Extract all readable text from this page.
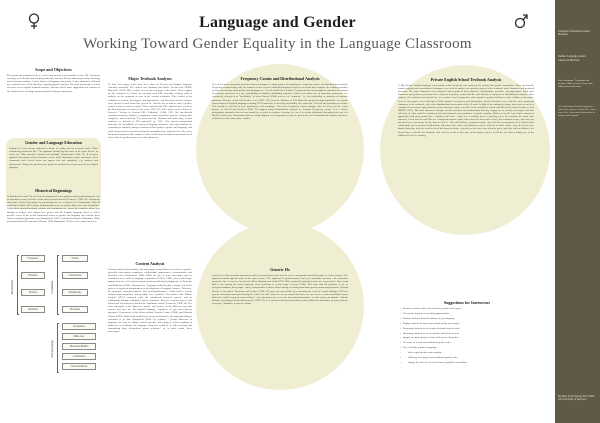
Language and Gender
Working Toward Gender Equality in the Language Classroom
Scope and Objectives

This poster presentation looks to review and provide representation to the ESL classroom focusing on textbooks and teaching materials, but also briefly addressing teacher ideology and classroom conduct. A brief history of language and gender is first addressed, followed by a critical review of the literature regarding gender analysis. The final portion gives a brief overview of an original textbook analysis, and then offers some suggestions for teachers in the classroom for creating a gender-neutral learning environment.

Gender and Language Education

English as it has always indicated a frame of reality and its research world. When considering statements like "The applicant should sign his name in the space below" as sexist yet, "Man should be fruitful and multiply" (Sunderland, 1994: 17). It becomes apparent that gender-related inclusion can be made inadequate and/or inaccurate. Even commonly used lexical items can appear fair and unmarked, e.g. mistress and chairwoman. Bring into question how gender is and has been represented in the English language.

Historical Beginnings

In Britain in the mid-'70s, the first investigations (as has implemented) problemizing the 'use of masculine terms to denote a wide array of professionals' (Cameron, 1998: 20). Around the same time, Emily Tisot began by questioning the use of 'generic' he (Sunderland, 1994: 8) and Robin Lakoff (1975) began analyzing discourse for gender differences and inequalities. Today these ground-breaking scholars and institutions are joined by countless others who attempt to analyze and explain how gender and the English language affect or reflect people's views of the world. Influential works on gender and language also include those from sociological grammar texts (Sunderland, 1981), feminist dictionaries (Maitland, 1984), and mainstream ESL materials (Florent, 1994; Hartmandl, 1974) et al.) to name but a few.

Invisibility
Frequency
Firstness
Pictures
Omission
Grammar
Nouns
Collocations
Morphology
Pronouns
Stereotyping
Occupation
Mind-over
Discourse/Beliefs
Constrained
Character/Roles
Major Textbook Analyses

To date, two major works have been done on Korean and English language education materials. The earliest was Hartman and Judd's "Sexism and TESOL Materials" (1978: 381), in their view on the first page of the article. These suggest (a) the inclusion of women in currently used ESL materials, starting with an analysis on the portrayal of men in the content textbooks. They looked at the visibility of women, stereotypes, and appearances, and then proceeded to analyze more specific lexical items like generic he, and the use of man as both a gender-neutral reference and as a suffix. They conclude that 'ESL students have found to the bias portrayal of women in the texts' (381). The other major work is Karen L. Porreca's "Sexism in Current ESL Textbooks" (1984: 705). She specifically examined omission, firstness, occupations, nouns, masculine generics, among other categories, and found that "For years after the Hartman and Judd study, sexism continues to flourish in ESL materials" (p. 718). "[I]n current instructional materials, the 'invisibility' of women in language structures, and representation are continuing to critically analyze textbooks with regards to gender and language, and while many aspects of sexism and gender inequality have improved over the years, the gendered patterns (like firstness - there is still room for improvement and a need to be made for gender awareness in the classroom.

Content Analysis

Content analysis deals mainly with stereotypes of and differences between genders, generally concerning occupations, relationships, appearances, characteristics, and discourse roles (Sunderland, 1994). While the role of some stereotypes may be considered to be valid in language acquisition (O'Neill, 1984), most would argue against their use, as in texts for gender-uniform and biased judgments. As Pavlenko and Mandelson (2006: 18) point out, "language textbooks play a unique role in the process of gendered interpretation or development of language learners. Therefore, the portrayal, misrepresentation, and oversimplification... could lead to serious cultural misconceptions, and possibly even conflicts." Researchers like Rifkin-Lackoff (1975) examined what she considered 'women's speech', and its relationship through established power structures. But not everyone agrees with Lakoff and what has been labeled the 'dominance model' (Cameron, 1998: 34). The other alternative is the 'difference model', and focuses on the different ways that women and men use the English language, regardless of any power/system structures. Proponents of this theory include Jennifer Coates (1986) and Deborah Tannen (1991). While both models have merits and demerits, the important thing to remember is, as Jane Sunderland (1994: 31) explains, "...gender difference in language use may be highly context specific, but trying to reflect findings of difference in textbooks for language classroom would be to risk recycling and reproducing those hierarchical power relations," or, in other words, those stereotypes.

Frequency Counts and Distributional Analysis

Two of the most commonly used procedures techniques to study gender stereotyping are frequency counts, and distributional analysis. Frequency counts simply tally the number of two or more individual linguistic items in a text and then compare the resulting numbers to draw conclusions about gender and language use. Cowell and Keuben (2004: 77) point out that 'when might be harmless in isolation can become pernicious via, say, contributing to habitual, unthinking responses' (such as pervasive use of masculine pronouns). It is extensively referred to as "invisibility" or what Porreca (1984) refers to as "omission," i.e., the invisibility or omission of feminine pronouns. Because of this fill Prentice et al. (1990: 131) from the Ministry of ESL Materials group developed guidelines for gender representation in English language teaching (ELT) materials. Concerning invisibility, they state that "text half the population is female. This should be reflected in text, illustrations, and teachings." How does Frequency counts, though, often do not reveal the whole picture, as Cowell and Keuben (1994: 79) suggest using Distributional analysis or "tempest Frequency counts." It is a linear, pedagogical principles that an item should be recycled to reinforce learning. So, ifor it is evenly distributed throughout the text it is likely to reach more information than one which appears very frequently in only one part of the text.' Distributional analysis, therefore, is about how often times these entities.

Generic He

Generic he is the masculine pronoun he and its various forms when used to refer to non-gender-specified people, as in the sentence 'The applicant should sign his name in the space below.' 'The applicant' is gender-neutral, and yet a masculine pronoun - the masculine possessive his - is used as its referent. When Hartman and Judd (1978: 386) examined textbooks for the use of generic he, they found that it was 'among the most frequently noted problems of sexist usage.' Porreca (1984: 706) notes that the problem is one of overgeneralization, that 'people - rarely conceptualize females when hearing or reading masculine generic nouns and pronouns.' Edward Woods, in her article 'Pronouns and Gender' (1994: 22), goes one step further by contrasting the work of Joseph Bolinger (1975) to generic masculines and generalizing the 'what is at issue when we do not realize that there are two or two or three-individual terms. Often the result is a generic form is [they] ... less pleasant sense, so we use more than information, we also convey an attitude.' And the attitude, according to Roshwald-Laurence (1998: 25), is 'a system of beliefs and practices which affirm the dominance of male behavior in society,' ultimately a form of sexism.

Private English School Textbook Analysis

A Big Private English language conversation school textbook was analyzed for sexism and gender inequalities. More specifically, content analysis and concordance techniques were used to analyze two specific aspects of the textbook: male characters and gendered pronouns. The main characters were analyzed with regards to their character, relationships, activities, and appearance. Both male characters and gendered pronouns were analyzed frequency counts and the ratio that these analyzed for distributional analysis. After analysis, the textbook was found to be, on a surface level, progressive with regards to gender but there is also a hidden conservative level of stereotypes woven through it. With regards to frequency and distribution, female characters were both the more prominent characters in the textbook, with a fair distributional across most of the 15 units. In light of the industry in Japan, there does seem to be considered as accurate representations of the characters whose over 60% of the students is female and 88% of the staff is female as well (MEXT, 2003). The main characters, though, and the activities and relationships that they engage in, are clearly stereotypic, and thus fall short of what could be considered fair and unbiased representations of gender equality. While two of the four female characters apparently hold professional jobs - Heather and Carol - only one is actually given a working scene. By contrast, the main male character, Lucas and his wife Mei are a mid-professionals, takes orders from his boss and is Carol, the restaurant owner, takes the day off and serves Americans for the staff in Unit 11. Dan and Melissa, a married couple, also fall into stereotypical roles, both in their relationship and as gendered individuals. Questions also arises why Melissa needs to hold on to Dan's elbow, why she needs to be thinner than him, why she needs to do all the domestic duties, why she needs to save him when he gives, and why, with no children, she doesn't have a job like her husband. And when he needs to take care of his family, why he is still the one who is taking care of the children as well as working.

Suggestions for Instructors
• Become sensitive and on the watch for gender stereotypes
• Use gender inquiries in teaching opportunities
• Educate students about the history of your language
• Engage students in discussions about gender stereotypes
• Encourage students to do creative/fictional ways to write
• Encourage students to correct gender inflections in texts
• Supply an equal amount of time with men to all genders
• Be aware of sexism and traditional gender roles
• Try to include gendered language:
• allow equal gender representation
• challenge stereotypes and traditional gender roles
• change the order of referenced items regardless of tradition
Examples: Professions Generic Pronouns
Outline: Language Gender Classroom Materials
Sexist language: "Language that excludes either women or men when talking about both sexes"
"if a child learns that the image of a man and a woman, a doctor 'he' - and a nurse 'she' - they absorb these roles as normal and accepted"
By Mary Lewis Spring 2014 TSOL 541 University of Anytown
